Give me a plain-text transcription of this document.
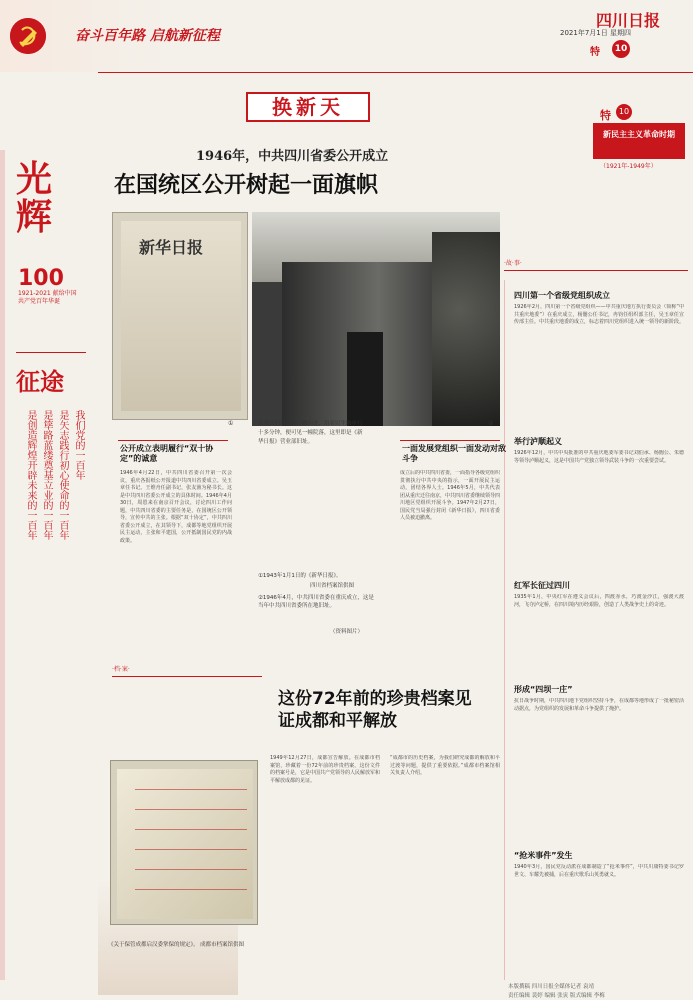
奋斗百年路 启航新征程
四川日报
2021年7月1日 星期四
特	10
光辉
100
1921-2021 献给中国共产党百年华诞
征途
我们党的一百年
是矢志践行初心使命的一百年
是筚路蓝缕奠基立业的一百年
是创造辉煌开辟未来的一百年
特 10
新民主主义革命时期
（1921年-1949年）
换新天
1946年，中共四川省委公开成立
在国统区公开树起一面旗帜
新华日报
①	②
·故·事·
公开成立表明履行“双十协定”的诚意
1946年4月22日，中共四川省委召开第一次会议，重庆各报纸公开报道中共四川省委成立。吴玉章任书记。王维舟任副书记，张友渔为秘书长。这是中共四川省委公开成立的具体时间。1946年4月30日，周恩来在南京召开会议，讨论四川工作问题，中共四川省委的主要任务是，在国统区公开领导，宣传中共的主张。根据“双十协定”，中共四川省委公开成立，在其领导下，成都等地党组织开展民主运动，主张和平建国，公开抵制国民党的内战政策。
从重庆的新址转一路向北，沿着民生路步行十多分钟，便可见一幢院落，这里即是《新华日报》营业部旧址。
①1943年1月1日的《新华日报》。
四川省档案馆供图
②1946年4月，中共四川省委在重庆成立，这是当年中共四川省委所在地旧址。
（资料图片）
一面发展党组织一面发动对敌斗争
成立后的中共四川省委，一面指导各级党组织贯彻执行中共中央的指示，一面开展民主运动，团结各界人士。1946年5月，中共代表团从重庆迁往南京，中共四川省委继续领导四川地区党组织开展斗争。1947年2月27日，国民党当局强行封闭《新华日报》，四川省委人员被迫撤离。
·档·案·
这份72年前的珍贵档案见证成都和平解放
《关于保管成都启汉委掌保的规定》。 成都市档案馆供图
1949年12月27日，成都宣告解放。在成都市档案馆，珍藏着一份72年前的珍贵档案，这份文件的档案号是，它是中国共产党领导的人民解放军和平解放成都的见证。
“成都市的历史档案，为我们研究成都的解放和平过渡等问题，提供了重要依据。”成都市档案馆相关负责人介绍。
四川第一个省级党组织成立
1926年2月，四川第一个省级党组织——中共重庆地方执行委员会（简称“中共重庆地委”）在重庆成立，杨闇公任书记，冉钧任组织部主任，吴玉章任宣传部主任。中共重庆地委的成立，标志着四川党组织进入统一领导的新阶段。
举行泸顺起义
1926年12月，中共中央批准的中共重庆地委军委书记刘伯承、杨闇公、朱德等领导泸顺起义，这是中国共产党独立领导武装斗争的一次重要尝试。
红军长征过四川
1935年1月，中央红军在遵义会议后，四渡赤水，巧渡金沙江，强渡大渡河，飞夺泸定桥，在四川境内历经艰险，创造了人类战争史上的奇迹。
形成“四坝一庄”
抗日战争时期，中共四川地下党组织坚持斗争，在成都等地形成了一批秘密活动据点，为党组织的发展和革命斗争提供了掩护。
“抢米事件”发生
1940年3月，国民党反动派在成都制造了“抢米事件”，中共川康特委书记罗世文、车耀先被捕，后在重庆歌乐山英勇就义。
本版撰稿 四川日报全媒体记者 袁靖
责任编辑 裴婷 编辑 张寅 版式编辑 李梅
